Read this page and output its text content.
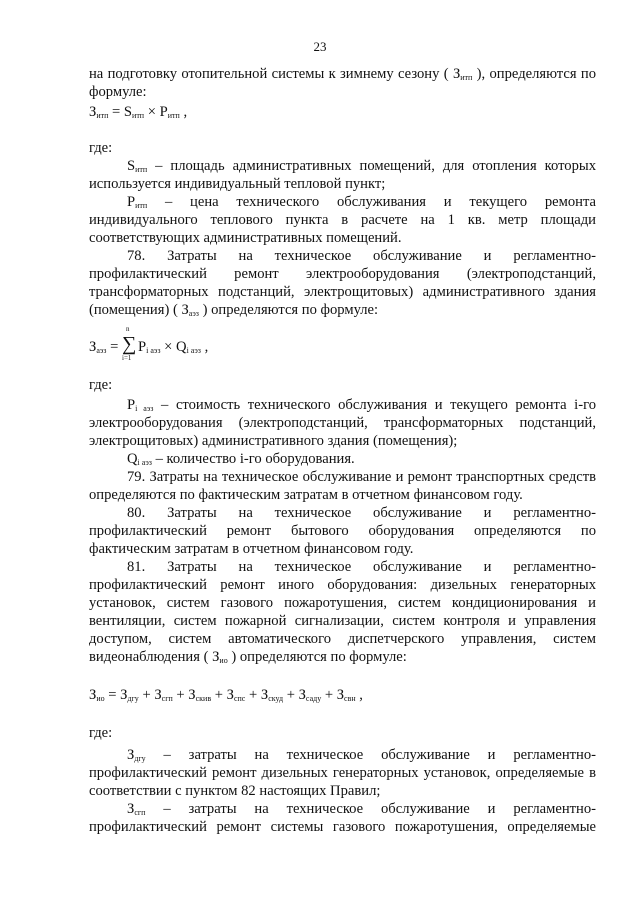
23

на подготовку отопительной системы к зимнему сезону ( $З_{итп}$ ), определяются по формуле:

$З_{итп} = S_{итп} \times P_{итп}$ ,

где:

$S_{итп}$ – площадь административных помещений, для отопления которых используется индивидуальный тепловой пункт;

$P_{итп}$ – цена технического обслуживания и текущего ремонта индивидуального теплового пункта в расчете на 1 кв. метр площади соответствующих административных помещений.

78. Затраты на техническое обслуживание и регламентно-профилактический ремонт электрооборудования (электроподстанций, трансформаторных подстанций, электрощитовых) административного здания (помещения) ( $З_{аэз}$ ) определяются по формуле:

$З_{аэз}$ =
n
∑
i=1
$P_{i аэз} \times Q_{i аэз}$ ,

где:

$P_{i аэз}$ – стоимость технического обслуживания и текущего ремонта i-го электрооборудования (электроподстанций, трансформаторных подстанций, электрощитовых) административного здания (помещения);

$Q_{i аэз}$ – количество i-го оборудования.

79. Затраты на техническое обслуживание и ремонт транспортных средств определяются по фактическим затратам в отчетном финансовом году.

80. Затраты на техническое обслуживание и регламентно-профилактический ремонт бытового оборудования определяются по фактическим затратам в отчетном финансовом году.

81. Затраты на техническое обслуживание и регламентно-профилактический ремонт иного оборудования: дизельных генераторных установок, систем газового пожаротушения, систем кондиционирования и вентиляции, систем пожарной сигнализации, систем контроля и управления доступом, систем автоматического диспетчерского управления, систем видеонаблюдения ( $З_{ио}$ ) определяются по формуле:

$З_{ио} = З_{дгу} + З_{сгп} + З_{скив} + З_{спс} + З_{скуд} + З_{саду} + З_{свн}$ ,

где:

$З_{дгу}$ – затраты на техническое обслуживание и регламентно-профилактический ремонт дизельных генераторных установок, определяемые в соответствии с пунктом 82 настоящих Правил;

$З_{сгп}$ – затраты на техническое обслуживание и регламентно-профилактический ремонт системы газового пожаротушения, определяемые
